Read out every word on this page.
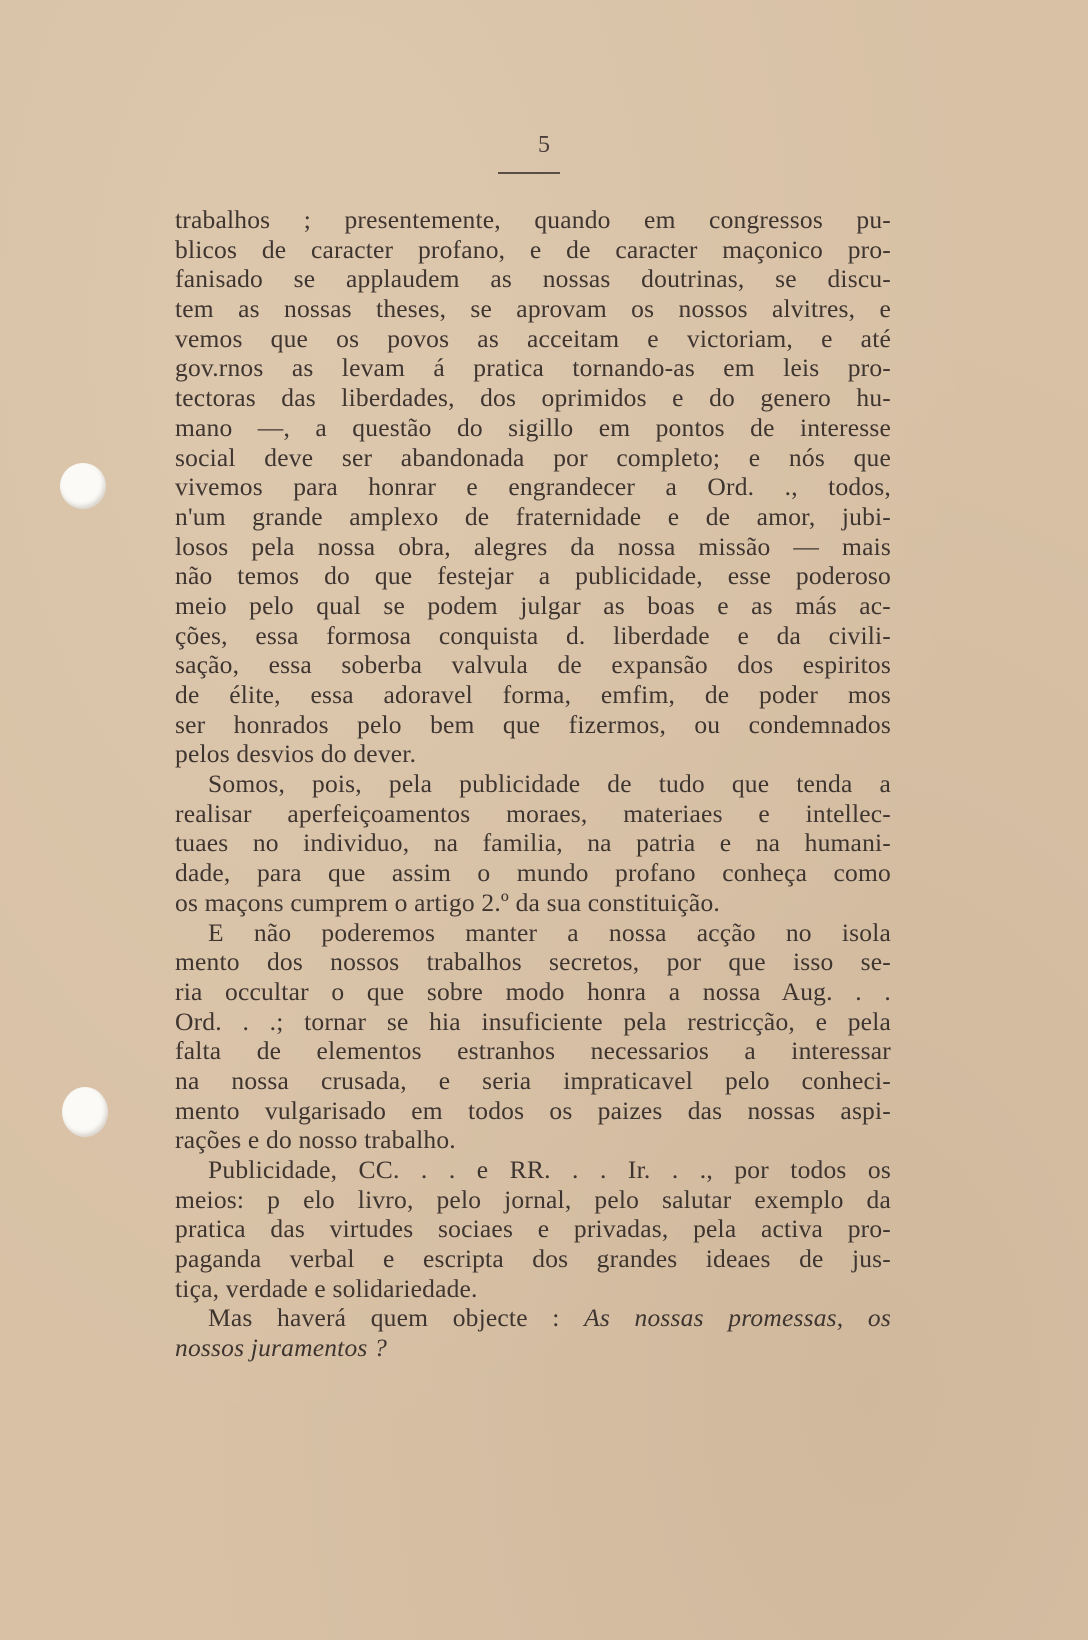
5
trabalhos ; presentemente, quando em congressos pu-
blicos de caracter profano, e de caracter maçonico pro-
fanisado se applaudem as nossas doutrinas, se discu-
tem as nossas theses, se aprovam os nossos alvitres, e
vemos que os povos as acceitam e victoriam, e até
gov.rnos as levam á pratica tornando-as em leis pro-
tectoras das liberdades, dos oprimidos e do genero hu-
mano —, a questão do sigillo em pontos de interesse
social deve ser abandonada por completo; e nós que
vivemos para honrar e engrandecer a Ord. ., todos,
n'um grande amplexo de fraternidade e de amor, jubi-
losos pela nossa obra, alegres da nossa missão — mais
não temos do que festejar a publicidade, esse poderoso
meio pelo qual se podem julgar as boas e as más ac-
ções, essa formosa conquista d. liberdade e da civili-
sação, essa soberba valvula de expansão dos espiritos
de élite, essa adoravel forma, emfim, de poder mos
ser honrados pelo bem que fizermos, ou condemnados
pelos desvios do dever.
Somos, pois, pela publicidade de tudo que tenda a
realisar aperfeiçoamentos moraes, materiaes e intellec-
tuaes no individuo, na familia, na patria e na humani-
dade, para que assim o mundo profano conheça como
os maçons cumprem o artigo 2.º da sua constituição.
E não poderemos manter a nossa acção no isola
mento dos nossos trabalhos secretos, por que isso se-
ria occultar o que sobre modo honra a nossa Aug. . .
Ord. . .; tornar se hia insuficiente pela restricção, e pela
falta de elementos estranhos necessarios a interessar
na nossa crusada, e seria impraticavel pelo conheci-
mento vulgarisado em todos os paizes das nossas aspi-
rações e do nosso trabalho.
Publicidade, CC. . . e RR. . . Ir. . ., por todos os
meios: p elo livro, pelo jornal, pelo salutar exemplo da
pratica das virtudes sociaes e privadas, pela activa pro-
paganda verbal e escripta dos grandes ideaes de jus-
tiça, verdade e solidariedade.
Mas haverá quem objecte : As nossas promessas, os
nossos juramentos ?
